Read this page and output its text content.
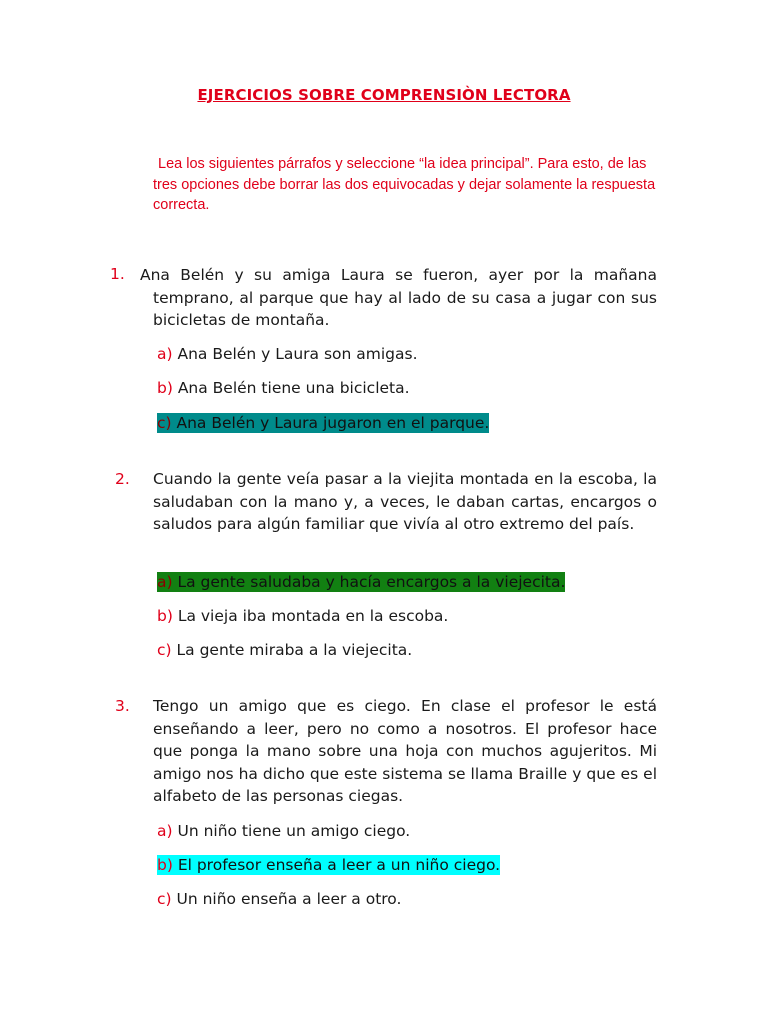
EJERCICIOS SOBRE COMPRENSIÒN LECTORA
Lea los siguientes párrafos y seleccione “la idea principal”. Para esto, de las tres opciones debe borrar las dos equivocadas y dejar solamente la respuesta correcta.
1. Ana Belén y su amiga Laura se fueron, ayer por la mañana temprano, al parque que hay al lado de su casa a jugar con sus bicicletas de montaña.
a) Ana Belén y Laura son amigas.
b) Ana Belén tiene una bicicleta.
c) Ana Belén y Laura jugaron en el parque.
2. Cuando la gente veía pasar a la viejita montada en la escoba, la saludaban con la mano y, a veces, le daban cartas, encargos o saludos para algún familiar que vivía al otro extremo del país.
a) La gente saludaba y hacía encargos a la viejecita.
b) La vieja iba montada en la escoba.
c) La gente miraba a la viejecita.
3. Tengo un amigo que es ciego. En clase el profesor le está enseñando a leer, pero no como a nosotros. El profesor hace que ponga la mano sobre una hoja con muchos agujeritos. Mi amigo nos ha dicho que este sistema se llama Braille y que es el alfabeto de las personas ciegas.
a) Un niño tiene un amigo ciego.
b) El profesor enseña a leer a un niño ciego.
c) Un niño enseña a leer a otro.
